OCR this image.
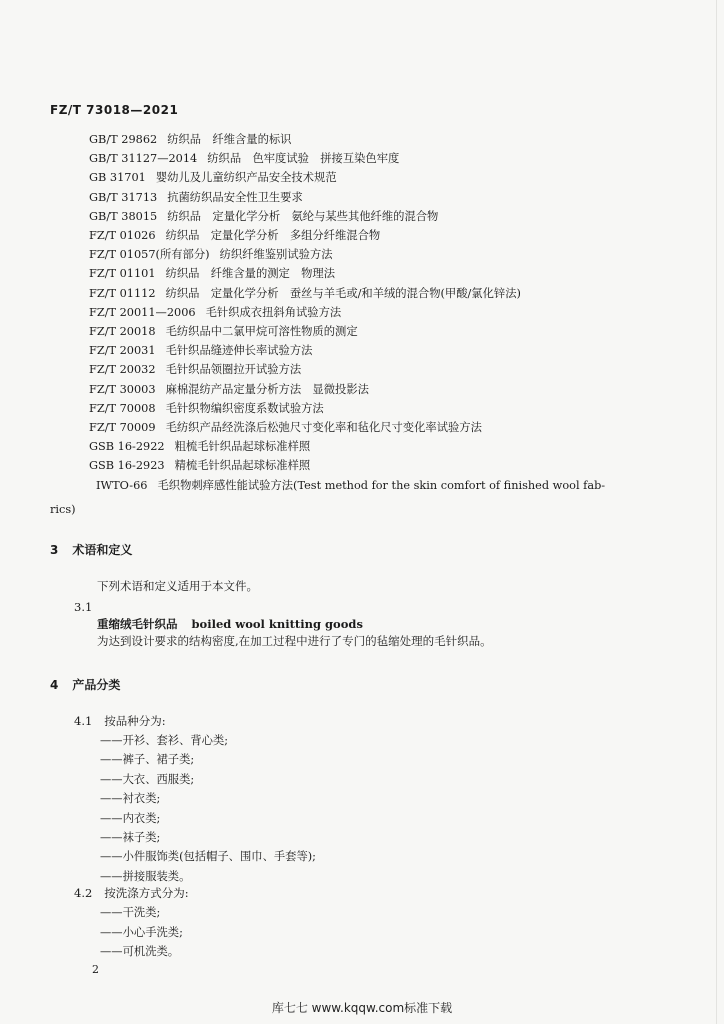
FZ/T 73018—2021
GB/T 29862 纺织品　纤维含量的标识
GB/T 31127—2014 纺织品　色牢度试验　拼接互染色牢度
GB 31701 婴幼儿及儿童纺织产品安全技术规范
GB/T 31713 抗菌纺织品安全性卫生要求
GB/T 38015 纺织品　定量化学分析　氨纶与某些其他纤维的混合物
FZ/T 01026 纺织品　定量化学分析　多组分纤维混合物
FZ/T 01057(所有部分) 纺织纤维鉴别试验方法
FZ/T 01101 纺织品　纤维含量的测定　物理法
FZ/T 01112 纺织品　定量化学分析　蚕丝与羊毛或/和羊绒的混合物(甲酸/氯化锌法)
FZ/T 20011—2006 毛针织成衣扭斜角试验方法
FZ/T 20018 毛纺织品中二氯甲烷可溶性物质的测定
FZ/T 20031 毛针织品缝迹伸长率试验方法
FZ/T 20032 毛针织品领圈拉开试验方法
FZ/T 30003 麻棉混纺产品定量分析方法　显微投影法
FZ/T 70008 毛针织物编织密度系数试验方法
FZ/T 70009 毛纺织产品经洗涤后松弛尺寸变化率和毡化尺寸变化率试验方法
GSB 16-2922 粗梳毛针织品起球标准样照
GSB 16-2923 精梳毛针织品起球标准样照
IWTO-66 毛织物刺痒感性能试验方法(Test method for the skin comfort of finished wool fab-
rics)
3 术语和定义
下列术语和定义适用于本文件。
3.1
重缩绒毛针织品 boiled wool knitting goods
为达到设计要求的结构密度,在加工过程中进行了专门的毡缩处理的毛针织品。
4 产品分类
4.1 按品种分为:
——开衫、套衫、背心类;
——裤子、裙子类;
——大衣、西服类;
——衬衣类;
——内衣类;
——袜子类;
——小件服饰类(包括帽子、围巾、手套等);
——拼接服装类。
4.2 按洗涤方式分为:
——干洗类;
——小心手洗类;
——可机洗类。
2
库七七 www.kqqw.com标准下载
